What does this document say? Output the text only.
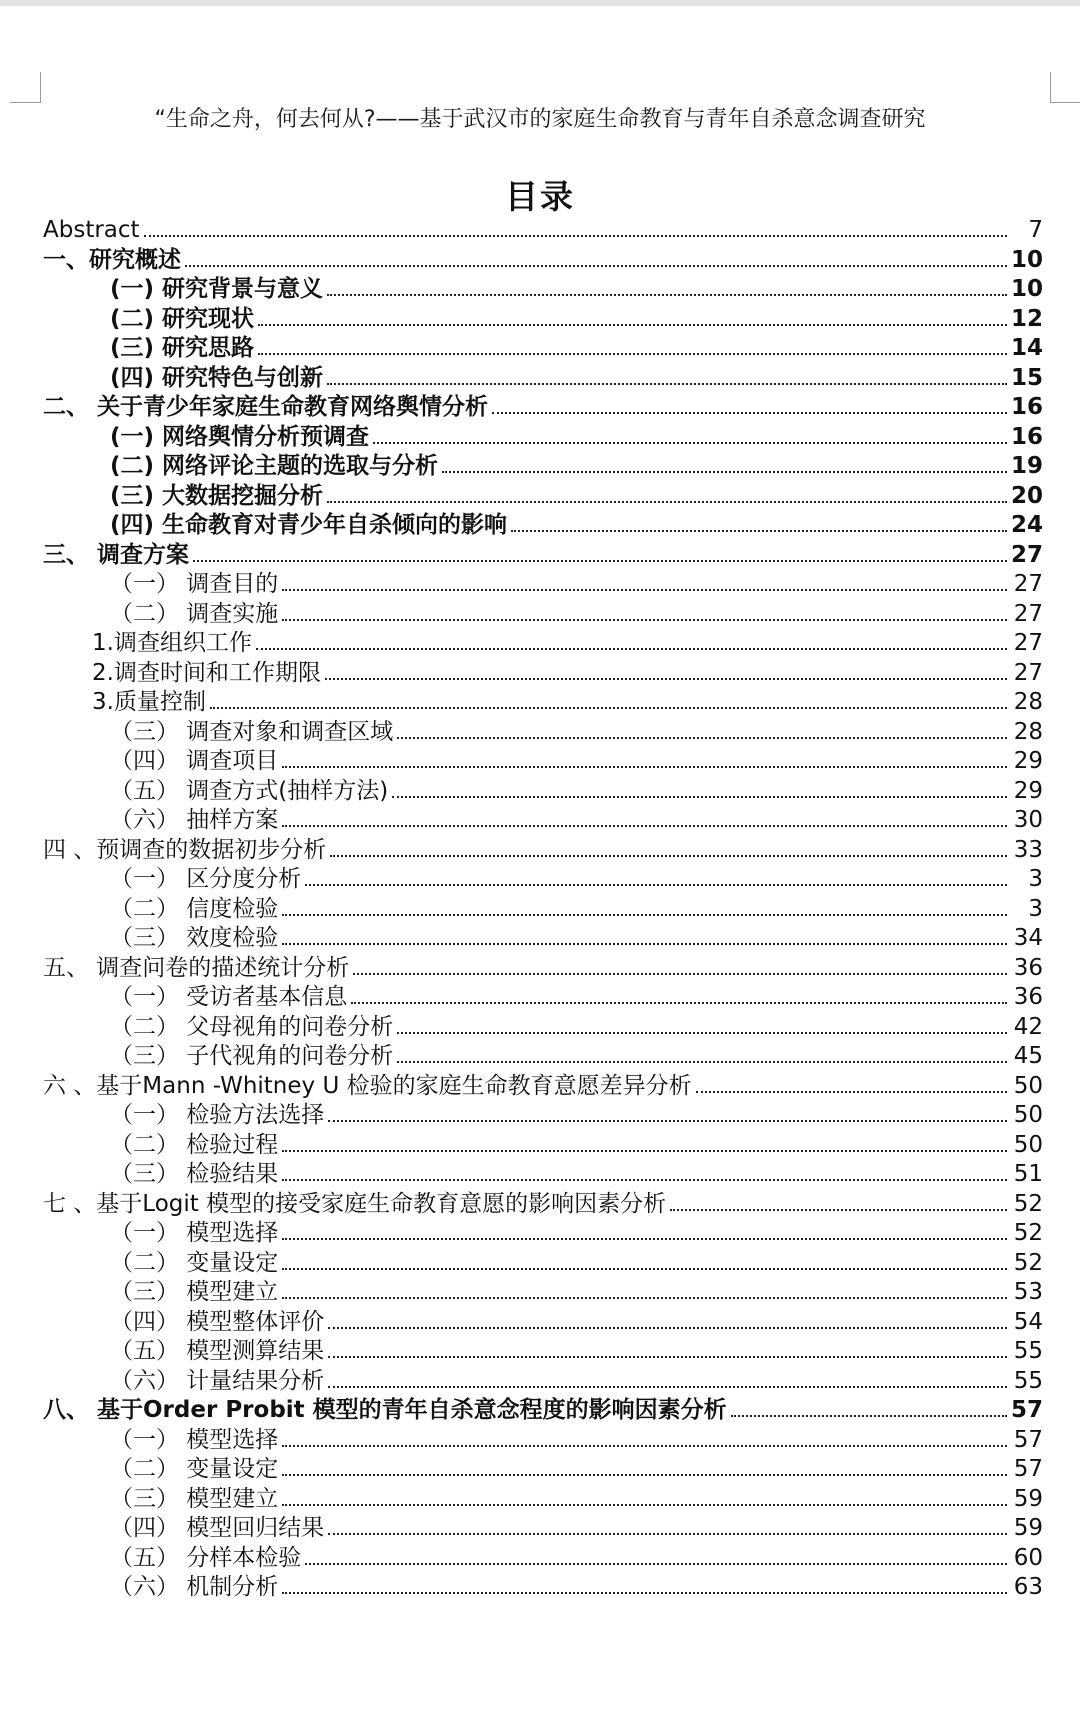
“生命之舟，何去何从?——基于武汉市的家庭生命教育与青年自杀意念调查研究
目录
Abstract	7
一、研究概述	10
(一) 研究背景与意义	10
(二) 研究现状	12
(三) 研究思路	14
(四) 研究特色与创新	15
二、 关于青少年家庭生命教育网络舆情分析	16
(一) 网络舆情分析预调查	16
(二) 网络评论主题的选取与分析	19
(三) 大数据挖掘分析	20
(四) 生命教育对青少年自杀倾向的影响	24
三、 调查方案	27
（一） 调查目的	27
（二） 调查实施	27
1.调查组织工作	27
2.调查时间和工作期限	27
3.质量控制	28
（三） 调查对象和调查区域	28
（四） 调查项目	29
（五） 调查方式(抽样方法)	29
（六） 抽样方案	30
四 、预调查的数据初步分析	33
（一） 区分度分析	3
（二） 信度检验	3
（三） 效度检验	34
五、 调查问卷的描述统计分析	36
（一） 受访者基本信息	36
（二） 父母视角的问卷分析	42
（三） 子代视角的问卷分析	45
六 、基于Mann -Whitney U 检验的家庭生命教育意愿差异分析	50
（一） 检验方法选择	50
（二） 检验过程	50
（三） 检验结果	51
七 、基于Logit 模型的接受家庭生命教育意愿的影响因素分析	52
（一） 模型选择	52
（二） 变量设定	52
（三） 模型建立	53
（四） 模型整体评价	54
（五） 模型测算结果	55
（六） 计量结果分析	55
八、 基于Order Probit 模型的青年自杀意念程度的影响因素分析	57
（一） 模型选择	57
（二） 变量设定	57
（三） 模型建立	59
（四） 模型回归结果	59
（五） 分样本检验	60
（六） 机制分析	63
